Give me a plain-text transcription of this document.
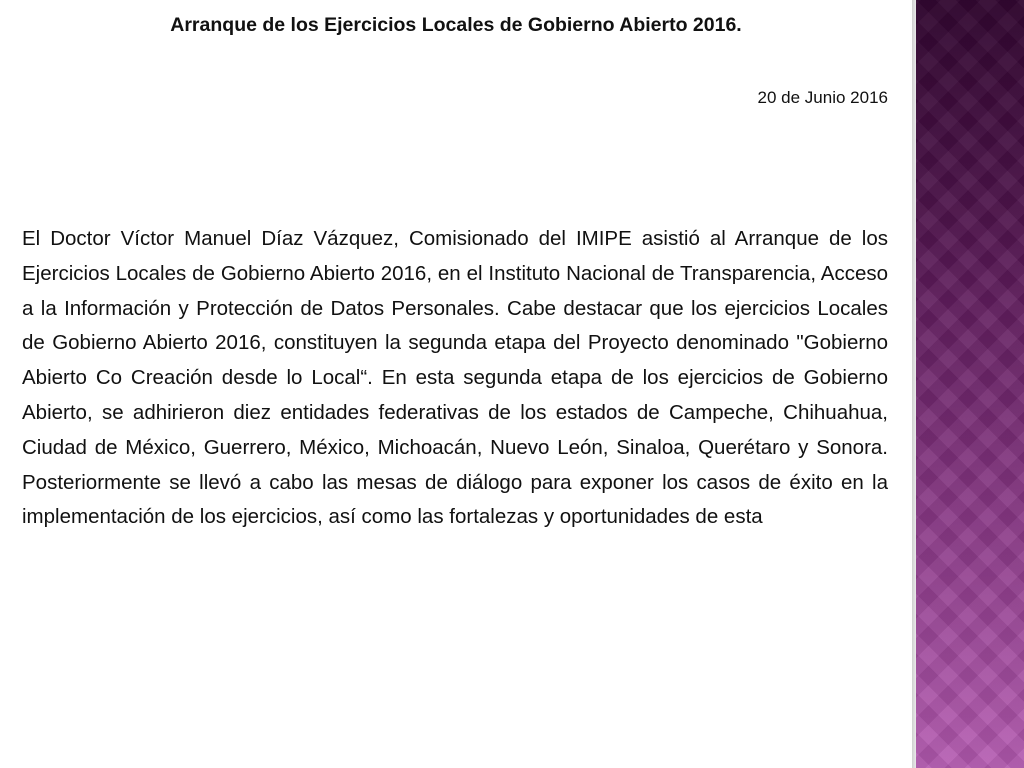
Arranque de los Ejercicios Locales de Gobierno Abierto 2016.

20 de Junio 2016

El Doctor Víctor Manuel Díaz Vázquez, Comisionado del IMIPE asistió al Arranque de los Ejercicios Locales de Gobierno Abierto 2016, en el Instituto Nacional de Transparencia, Acceso a la Información y Protección de Datos Personales. Cabe destacar que los ejercicios Locales de Gobierno Abierto 2016, constituyen la segunda etapa del Proyecto denominado "Gobierno Abierto Co Creación desde lo Local“. En esta segunda etapa de los ejercicios de Gobierno Abierto, se adhirieron diez entidades federativas de los estados de Campeche, Chihuahua, Ciudad de México, Guerrero, México, Michoacán, Nuevo León, Sinaloa, Querétaro y Sonora. Posteriormente se llevó a cabo las mesas de diálogo para exponer los casos de éxito en la implementación de los ejercicios, así como las fortalezas y oportunidades de esta
